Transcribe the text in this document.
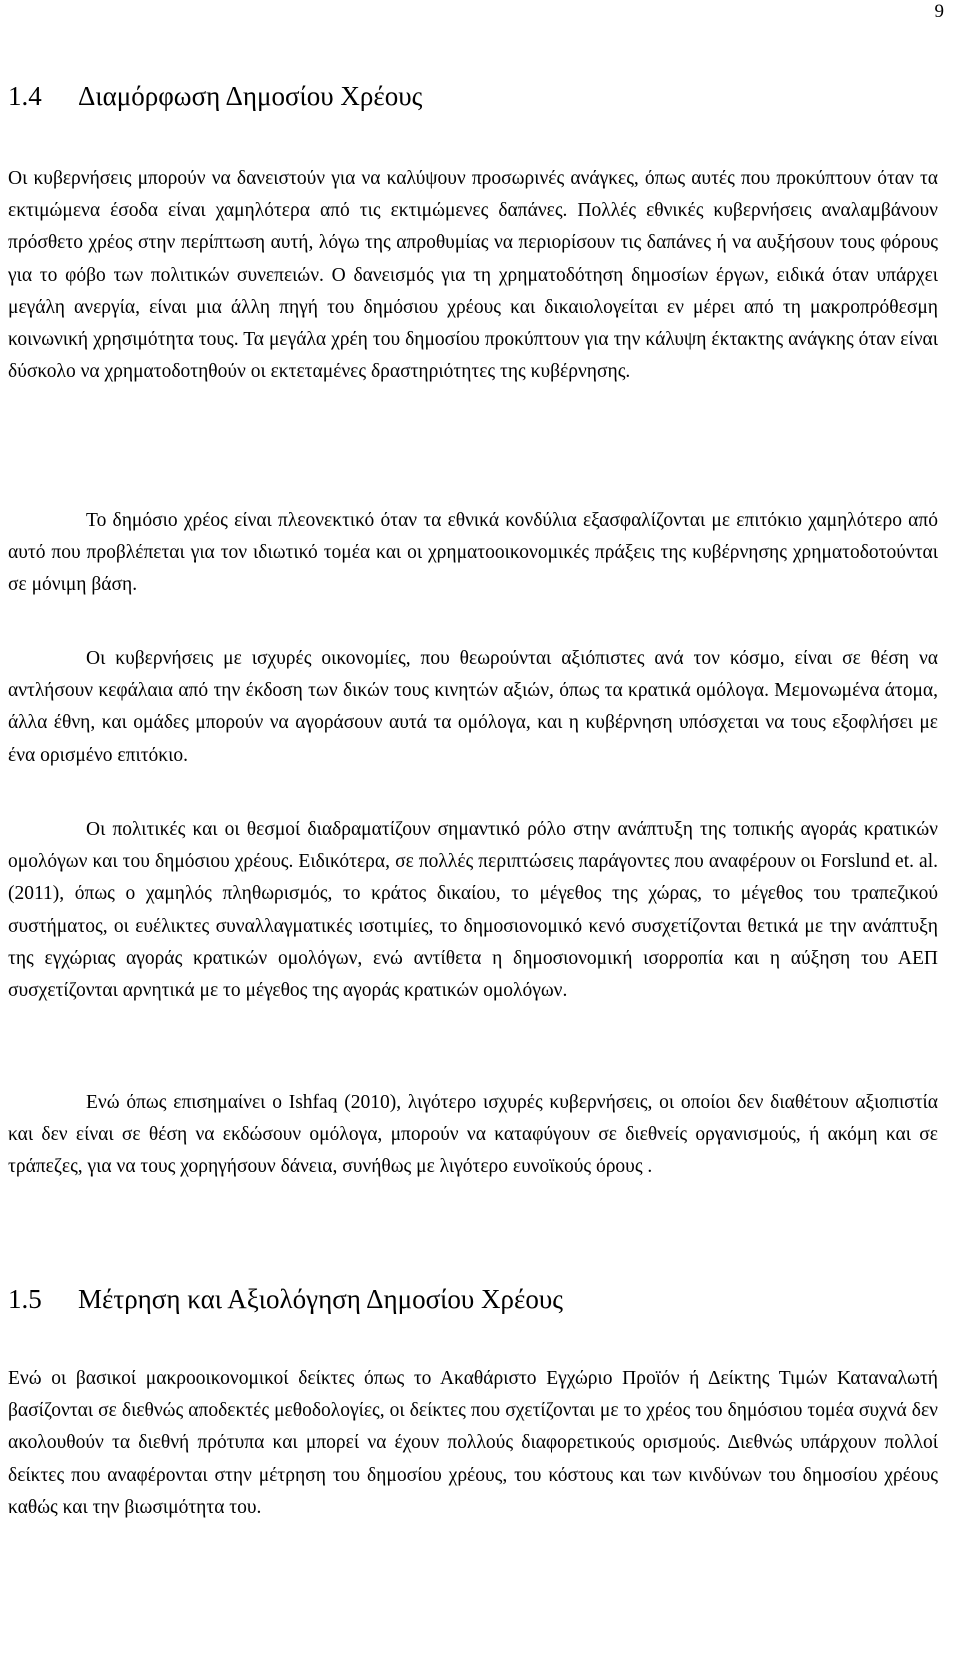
9
1.4 Διαμόρφωση Δημοσίου Χρέους

Οι κυβερνήσεις μπορούν να δανειστούν για να καλύψουν προσωρινές ανάγκες, όπως αυτές που προκύπτουν όταν τα εκτιμώμενα έσοδα είναι χαμηλότερα από τις εκτιμώμενες δαπάνες. Πολλές εθνικές κυβερνήσεις αναλαμβάνουν πρόσθετο χρέος στην περίπτωση αυτή, λόγω της απροθυμίας να περιορίσουν τις δαπάνες ή να αυξήσουν τους φόρους για το φόβο των πολιτικών συνεπειών. Ο δανεισμός για τη χρηματοδότηση δημοσίων έργων, ειδικά όταν υπάρχει μεγάλη ανεργία, είναι μια άλλη πηγή του δημόσιου χρέους και δικαιολογείται εν μέρει από τη μακροπρόθεσμη κοινωνική χρησιμότητα τους. Τα μεγάλα χρέη του δημοσίου προκύπτουν για την κάλυψη έκτακτης ανάγκης όταν είναι δύσκολο να χρηματοδοτηθούν οι εκτεταμένες δραστηριότητες της κυβέρνησης.

Το δημόσιο χρέος είναι πλεονεκτικό όταν τα εθνικά κονδύλια εξασφαλίζονται με επιτόκιο χαμηλότερο από αυτό που προβλέπεται για τον ιδιωτικό τομέα και οι χρηματοοικονομικές πράξεις της κυβέρνησης χρηματοδοτούνται σε μόνιμη βάση.

Οι κυβερνήσεις με ισχυρές οικονομίες, που θεωρούνται αξιόπιστες ανά τον κόσμο, είναι σε θέση να αντλήσουν κεφάλαια από την έκδοση των δικών τους κινητών αξιών, όπως τα κρατικά ομόλογα. Μεμονωμένα άτομα, άλλα έθνη, και ομάδες μπορούν να αγοράσουν αυτά τα ομόλογα, και η κυβέρνηση υπόσχεται να τους εξοφλήσει με ένα ορισμένο επιτόκιο.

Οι πολιτικές και οι θεσμοί διαδραματίζουν σημαντικό ρόλο στην ανάπτυξη της τοπικής αγοράς κρατικών ομολόγων και του δημόσιου χρέους. Ειδικότερα, σε πολλές περιπτώσεις παράγοντες που αναφέρουν οι Forslund et. al. (2011), όπως ο χαμηλός πληθωρισμός, το κράτος δικαίου, το μέγεθος της χώρας, το μέγεθος του τραπεζικού συστήματος, οι ευέλικτες συναλλαγματικές ισοτιμίες, το δημοσιονομικό κενό συσχετίζονται θετικά με την ανάπτυξη της εγχώριας αγοράς κρατικών ομολόγων, ενώ αντίθετα η δημοσιονομική ισορροπία και η αύξηση του ΑΕΠ συσχετίζονται αρνητικά με το μέγεθος της αγοράς κρατικών ομολόγων.

Ενώ όπως επισημαίνει ο Ishfaq (2010), λιγότερο ισχυρές κυβερνήσεις, οι οποίοι δεν διαθέτουν αξιοπιστία και δεν είναι σε θέση να εκδώσουν ομόλογα, μπορούν να καταφύγουν σε διεθνείς οργανισμούς, ή ακόμη και σε τράπεζες, για να τους χορηγήσουν δάνεια, συνήθως με λιγότερο ευνοϊκούς όρους .

1.5 Μέτρηση και Αξιολόγηση Δημοσίου Χρέους

Ενώ οι βασικοί μακροοικονομικοί δείκτες όπως το Ακαθάριστο Εγχώριο Προϊόν ή Δείκτης Τιμών Καταναλωτή βασίζονται σε διεθνώς αποδεκτές μεθοδολογίες, οι δείκτες που σχετίζονται με το χρέος του δημόσιου τομέα συχνά δεν ακολουθούν τα διεθνή πρότυπα και μπορεί να έχουν πολλούς διαφορετικούς ορισμούς. Διεθνώς υπάρχουν πολλοί δείκτες που αναφέρονται στην μέτρηση του δημοσίου χρέους, του κόστους και των κινδύνων του δημοσίου χρέους καθώς και την βιωσιμότητα του.
